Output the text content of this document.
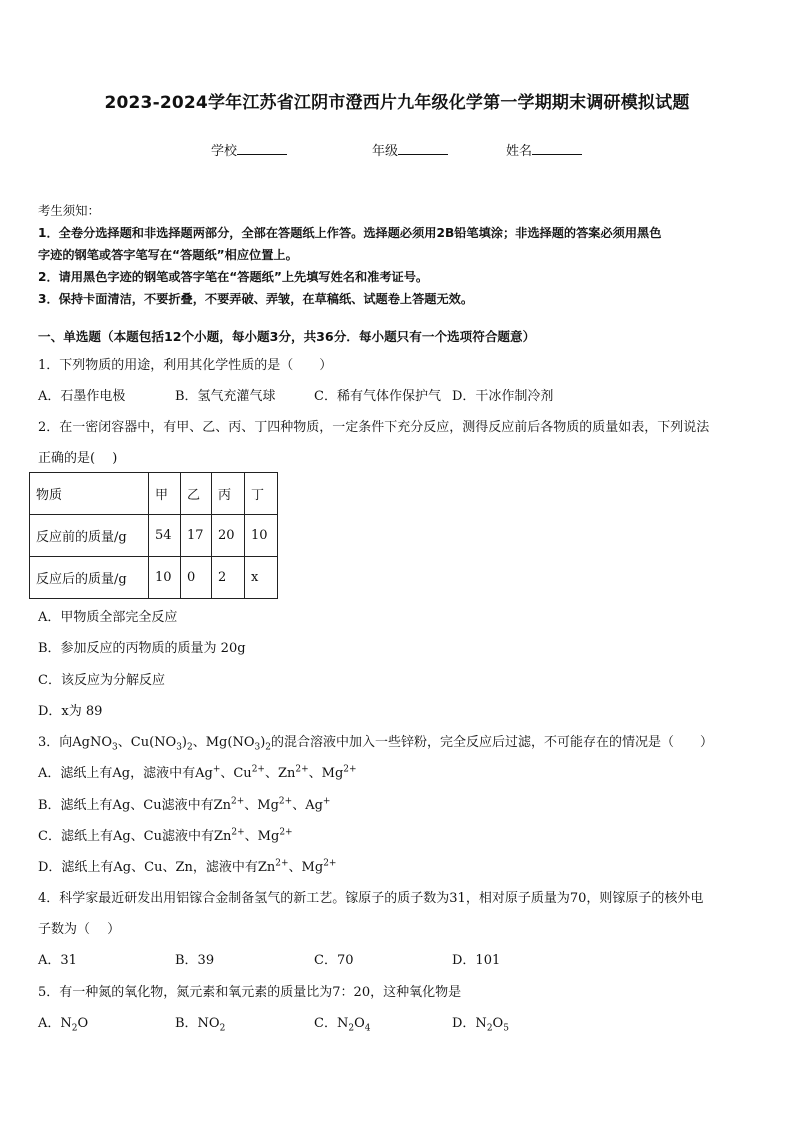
2023-2024学年江苏省江阴市澄西片九年级化学第一学期期末调研模拟试题
学校	年级	姓名
考生须知：
1．全卷分选择题和非选择题两部分，全部在答题纸上作答。选择题必须用2B铅笔填涂；非选择题的答案必须用黑色
字迹的钢笔或答字笔写在“答题纸”相应位置上。
2．请用黑色字迹的钢笔或答字笔在“答题纸”上先填写姓名和准考证号。
3．保持卡面清洁，不要折叠，不要弄破、弄皱，在草稿纸、试题卷上答题无效。
一、单选题（本题包括12个小题，每小题3分，共36分．每小题只有一个选项符合题意）
1．下列物质的用途，利用其化学性质的是（　　）
A．石墨作电极	B．氢气充灌气球	C．稀有气体作保护气 D．干冰作制冷剂
2．在一密闭容器中，有甲、乙、丙、丁四种物质，一定条件下充分反应，测得反应前后各物质的质量如表，下列说法
正确的是(　 )
物质	甲	乙	丙	丁
反应前的质量/g	54	17	20	10
反应后的质量/g	10	0	2	x
A．甲物质全部完全反应
B．参加反应的丙物质的质量为 20g
C．该反应为分解反应
D．x为 89
3．向AgNO$_3$、$Cu(NO_3)_2$、$Mg(NO_3)_2$的混合溶液中加入一些锌粉，完全反应后过滤，不可能存在的情况是（　　）
A．滤纸上有Ag，滤液中有Ag+、$Cu^{2+}$、$Zn^{2+}$、$Mg^{2+}$
B．滤纸上有Ag、Cu滤液中有$Zn^{2+}$、$Mg^{2+}$、Ag+
C．滤纸上有Ag、Cu滤液中有$Zn^{2+}$、$Mg^{2+}$
D．滤纸上有Ag、Cu、Zn，滤液中有$Zn^{2+}$、$Mg^{2+}$
4．科学家最近研发出用铝镓合金制备氢气的新工艺。镓原子的质子数为31，相对原子质量为70，则镓原子的核外电
子数为（　 ）
A．31	B．39	C．70	D．101
5．有一种氮的氧化物，氮元素和氧元素的质量比为7：20，这种氧化物是
A．$N_2O$	B．$NO_2$	C．$N_2O_4$	D．$N_2O_5$
